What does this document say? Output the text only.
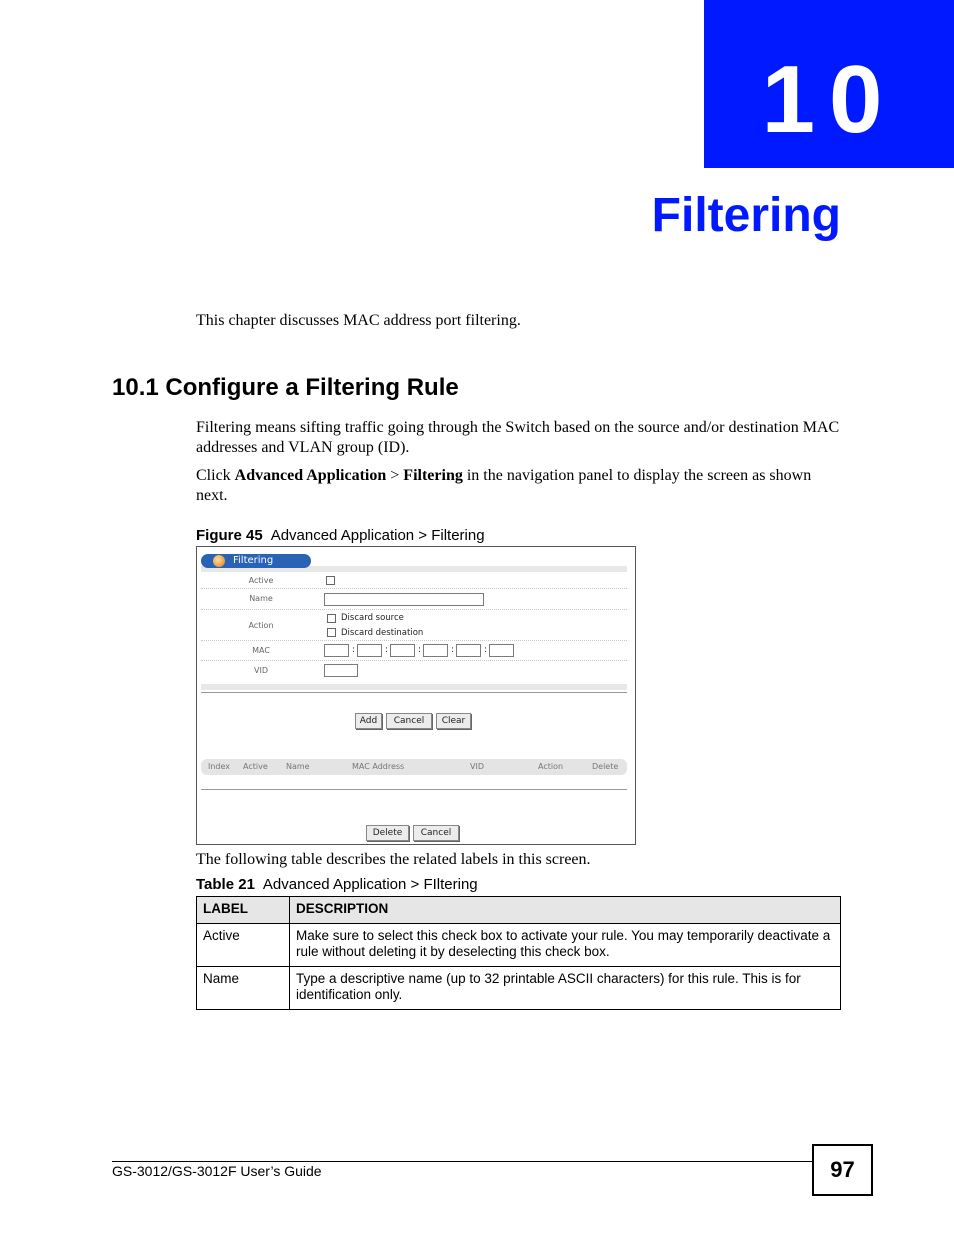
10
Filtering
This chapter discusses MAC address port filtering.
10.1 Configure a Filtering Rule
Filtering means sifting traffic going through the Switch based on the source and/or destination MAC addresses and VLAN group (ID).
Click Advanced Application > Filtering in the navigation panel to display the screen as shown next.
Figure 45 Advanced Application > Filtering
Filtering
Active
Name
Action
Discard source
Discard destination
MAC	:	:	:	:	:
VID
Add	Cancel	Clear
Index Active Name	MAC Address	VID	Action	Delete
Delete	Cancel
The following table describes the related labels in this screen.
Table 21 Advanced Application > FIltering
LABEL	DESCRIPTION
Active	Make sure to select this check box to activate your rule. You may temporarily deactivate a rule without deleting it by deselecting this check box.
Name	Type a descriptive name (up to 32 printable ASCII characters) for this rule. This is for identification only.
GS-3012/GS-3012F User’s Guide	97
